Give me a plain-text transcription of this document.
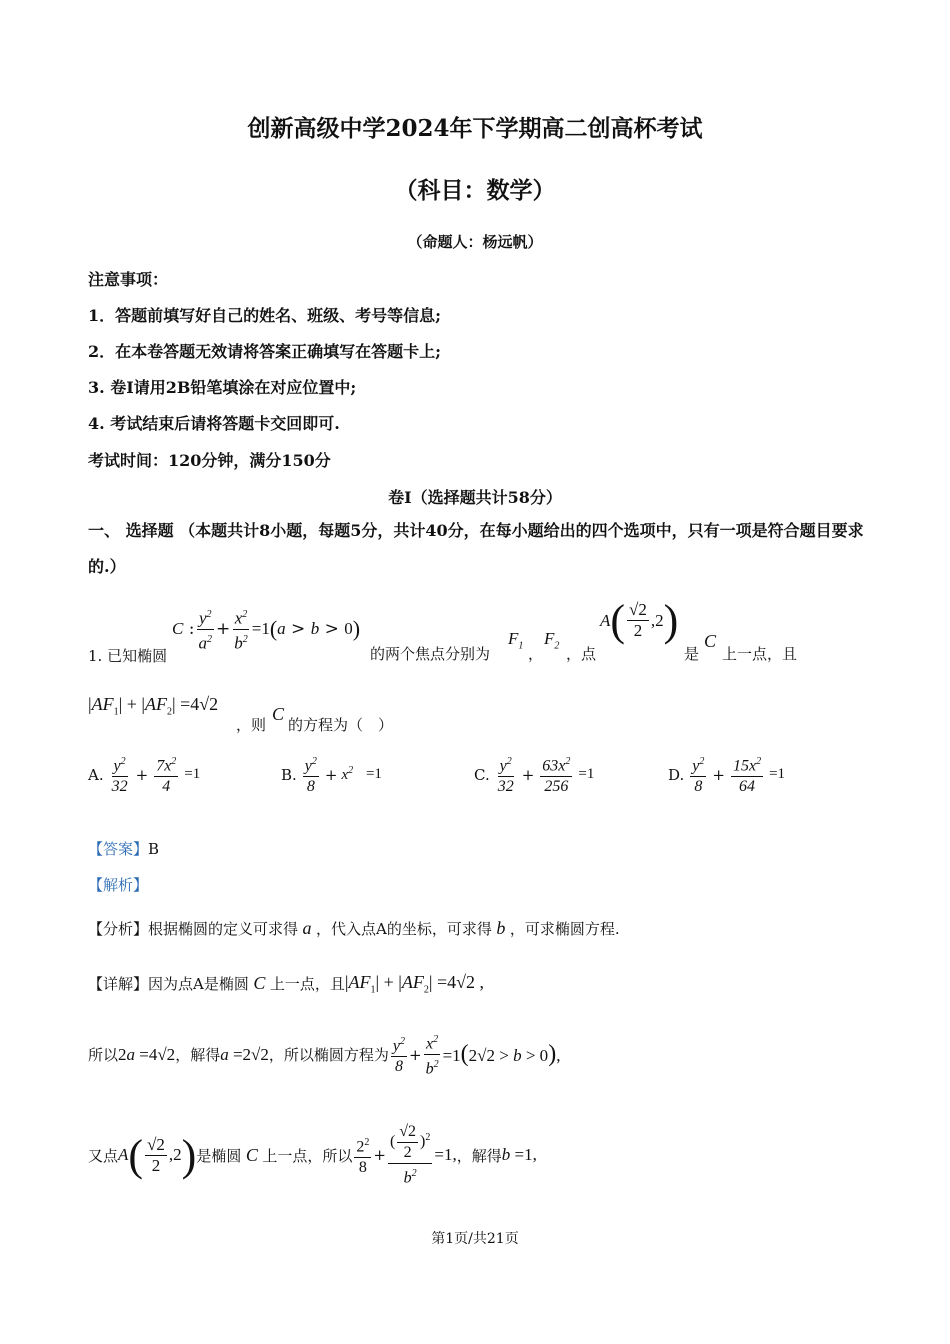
创新高级中学2024年下学期高二创高杯考试
（科目：数学）
（命题人：杨远帆）
注意事项：
1．答题前填写好自己的姓名、班级、考号等信息;
2．在本卷答题无效请将答案正确填写在答题卡上;
3. 卷Ⅰ请用2B铅笔填涂在对应位置中;
4. 考试结束后请将答题卡交回即可.
考试时间：120分钟，满分150分
卷I（选择题共计58分）
一、 选择题 （本题共计8小题，每题5分，共计40分，在每小题给出的四个选项中，只有一项是符合题目要求的.）
1. 已知椭圆
C : $\frac{y^2}{a^2} + \frac{x^2}{b^2} =1$ ( a > b > 0 )
的两个焦点分别为
$F_1$ ，
$F_2$ ，点
A ( $\frac{√2}{2} ,2$ )
是
C
上一点，且
$|AF_1| + |AF_2| =4√2$
，则
C
的方程为（　）
A. $\frac{y^2}{32} + \frac{7x^2}{4} =1$	B. $\frac{y^2}{8} + x^2$
=1	C. $\frac{y^2}{32} + \frac{63x^2}{256} =1$	D. $\frac{y^2}{8} + \frac{15x^2}{64} =1$
【答案】B
【解析】
【分析】 根据椭圆的定义可求得 a ，代入点A的坐标，可求得 b ，可求椭圆方程.
【详解】 因为点A是椭圆 C 上一点，且 $|AF_1| + |AF_2| =4√2$ ,
所以 2a =4√2 ，解得 a =2√2 ，所以椭圆方程为 $\frac{y^2}{8} + \frac{x^2}{b^2} =1(2√2 > b > 0)$,
又点 A ( $\frac{√2}{2} ,2$ ) 是椭圆 C 上一点，所以 $\frac{2^2}{8} + \frac{( \frac{√2}{2} )^2}{b^2} =1$, ，解得 b =1,
第1页/共21页
